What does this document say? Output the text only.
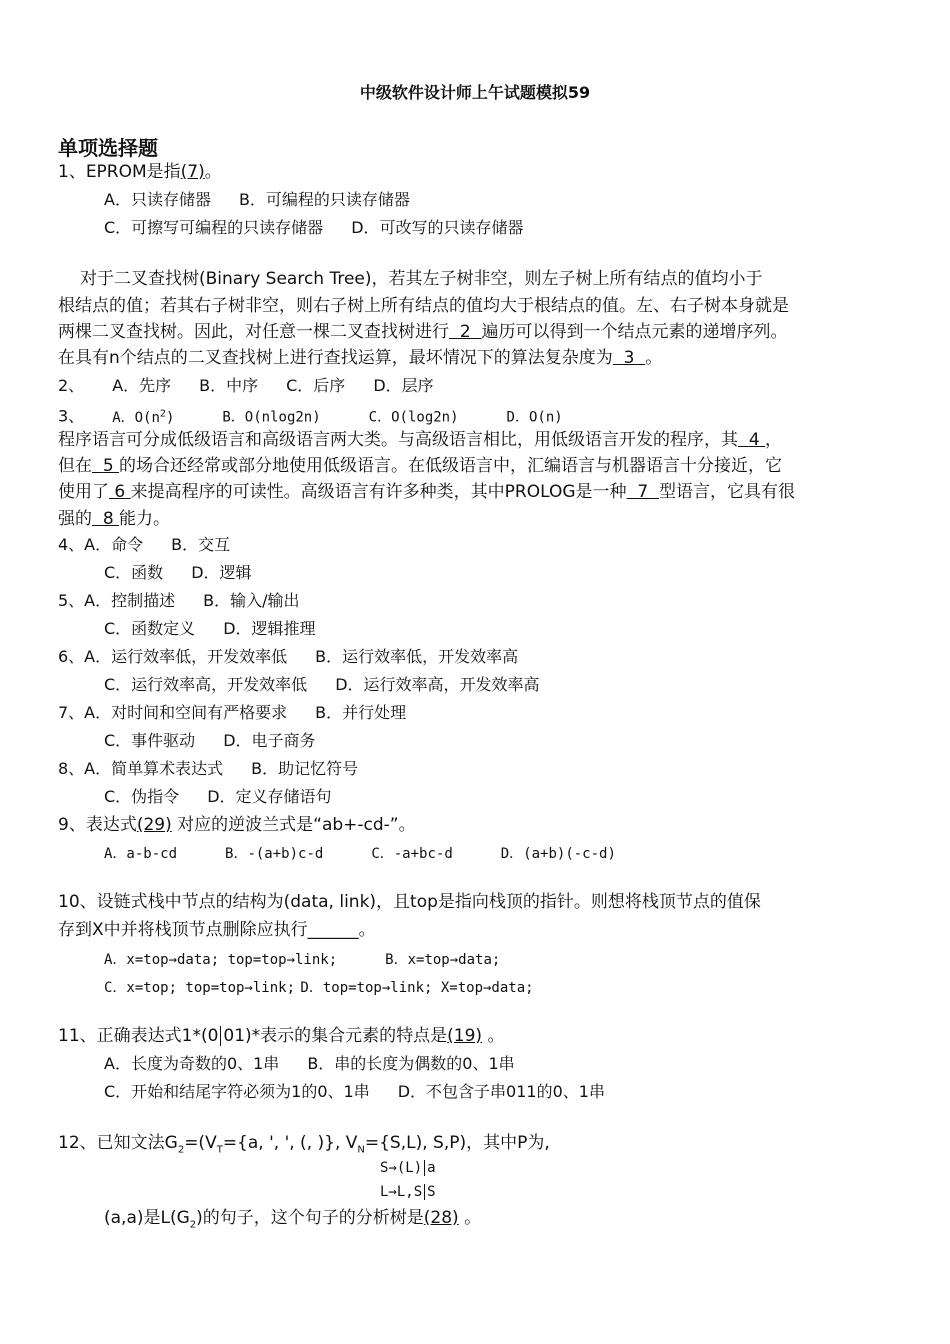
中级软件设计师上午试题模拟59
单项选择题
1、EPROM是指(7)。
A．只读存储器 B．可编程的只读存储器
C．可擦写可编程的只读存储器 D．可改写的只读存储器
对于二叉查找树(Binary Search Tree)，若其左子树非空，则左子树上所有结点的值均小于
根结点的值；若其右子树非空，则右子树上所有结点的值均大于根结点的值。左、右子树本身就是
两棵二叉查找树。因此，对任意一棵二叉查找树进行 2 遍历可以得到一个结点元素的递增序列。
在具有n个结点的二叉查找树上进行查找运算，最坏情况下的算法复杂度为 3 。
2、 A．先序 B．中序 C．后序 D．层序
3、 A．$O(n^2)$	B．O(nlog2n)	C．O(log2n)	D．O(n)
程序语言可分成低级语言和高级语言两大类。与高级语言相比，用低级语言开发的程序，其 4 ，
但在 5 的场合还经常或部分地使用低级语言。在低级语言中，汇编语言与机器语言十分接近，它
使用了 6 来提高程序的可读性。高级语言有许多种类，其中PROLOG是一种 7 型语言，它具有很
强的 8 能力。
4、A．命令 B．交互
C．函数 D．逻辑
5、A．控制描述 B．输入/输出
C．函数定义 D．逻辑推理
6、A．运行效率低，开发效率低 B．运行效率低，开发效率高
C．运行效率高，开发效率低 D．运行效率高，开发效率高
7、A．对时间和空间有严格要求 B．并行处理
C．事件驱动 D．电子商务
8、A．简单算术表达式 B．助记忆符号
C．伪指令 D．定义存储语句
9、表达式(29) 对应的逆波兰式是“ab+-cd-”。
A．a-b-cd	B．-(a+b)c-d	C．-a+bc-d	D．(a+b)(-c-d)
10、设链式栈中节点的结构为(data, link)，且top是指向栈顶的指针。则想将栈顶节点的值保
存到X中并将栈顶节点删除应执行______。
A．x=top→data; top=top→link;	B．x=top→data;
C．x=top; top=top→link; D．top=top→link; X=top→data;
11、正确表达式1*(0 01)*表示的集合元素的特点是(19) 。
A．长度为奇数的0、1串 B．串的长度为偶数的0、1串
C．开始和结尾字符必须为1的0、1串 D．不包含子串011的0、1串
12、已知文法$G_2=(V_T=\{a$, ', ', (, )}, $V_N=\{S,L)$, S,P)，其中P为,
S→(L) a
L→L,S S
(a,a)是$L(G_2)$的句子，这个句子的分析树是(28) 。
